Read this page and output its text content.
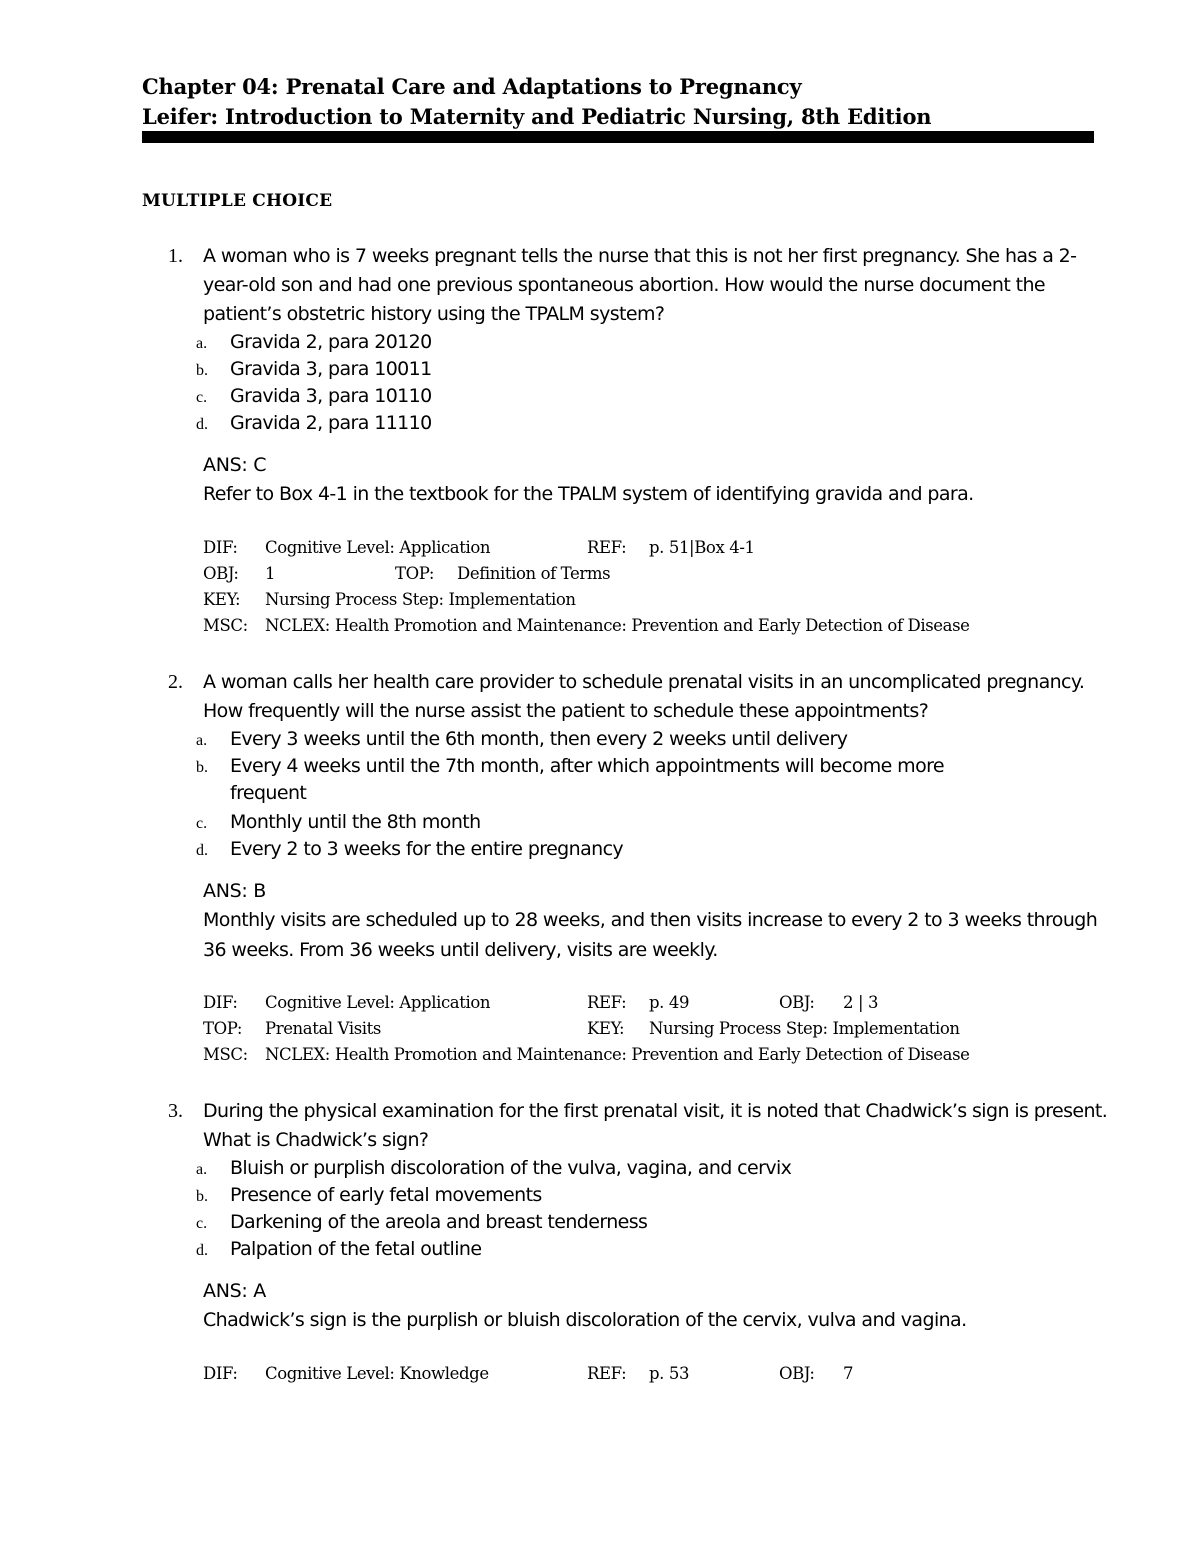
Chapter 04: Prenatal Care and Adaptations to Pregnancy
Leifer: Introduction to Maternity and Pediatric Nursing, 8th Edition
MULTIPLE CHOICE
1. A woman who is 7 weeks pregnant tells the nurse that this is not her first pregnancy. She has a 2-year-old son and had one previous spontaneous abortion. How would the nurse document the patient’s obstetric history using the TPALM system?
a. Gravida 2, para 20120
b. Gravida 3, para 10011
c. Gravida 3, para 10110
d. Gravida 2, para 11110
ANS: C
Refer to Box 4-1 in the textbook for the TPALM system of identifying gravida and para.
DIF: Cognitive Level: Application	REF: p. 51|Box 4-1
OBJ: 1	TOP: Definition of Terms
KEY: Nursing Process Step: Implementation
MSC: NCLEX: Health Promotion and Maintenance: Prevention and Early Detection of Disease
2. A woman calls her health care provider to schedule prenatal visits in an uncomplicated pregnancy. How frequently will the nurse assist the patient to schedule these appointments?
a. Every 3 weeks until the 6th month, then every 2 weeks until delivery
b. Every 4 weeks until the 7th month, after which appointments will become more frequent
c. Monthly until the 8th month
d. Every 2 to 3 weeks for the entire pregnancy
ANS: B
Monthly visits are scheduled up to 28 weeks, and then visits increase to every 2 to 3 weeks through 36 weeks. From 36 weeks until delivery, visits are weekly.
DIF: Cognitive Level: Application	REF: p. 49	OBJ: 2 | 3
TOP: Prenatal Visits	KEY: Nursing Process Step: Implementation
MSC: NCLEX: Health Promotion and Maintenance: Prevention and Early Detection of Disease
3. During the physical examination for the first prenatal visit, it is noted that Chadwick’s sign is present. What is Chadwick’s sign?
a. Bluish or purplish discoloration of the vulva, vagina, and cervix
b. Presence of early fetal movements
c. Darkening of the areola and breast tenderness
d. Palpation of the fetal outline
ANS: A
Chadwick’s sign is the purplish or bluish discoloration of the cervix, vulva and vagina.
DIF: Cognitive Level: Knowledge	REF: p. 53	OBJ: 7
